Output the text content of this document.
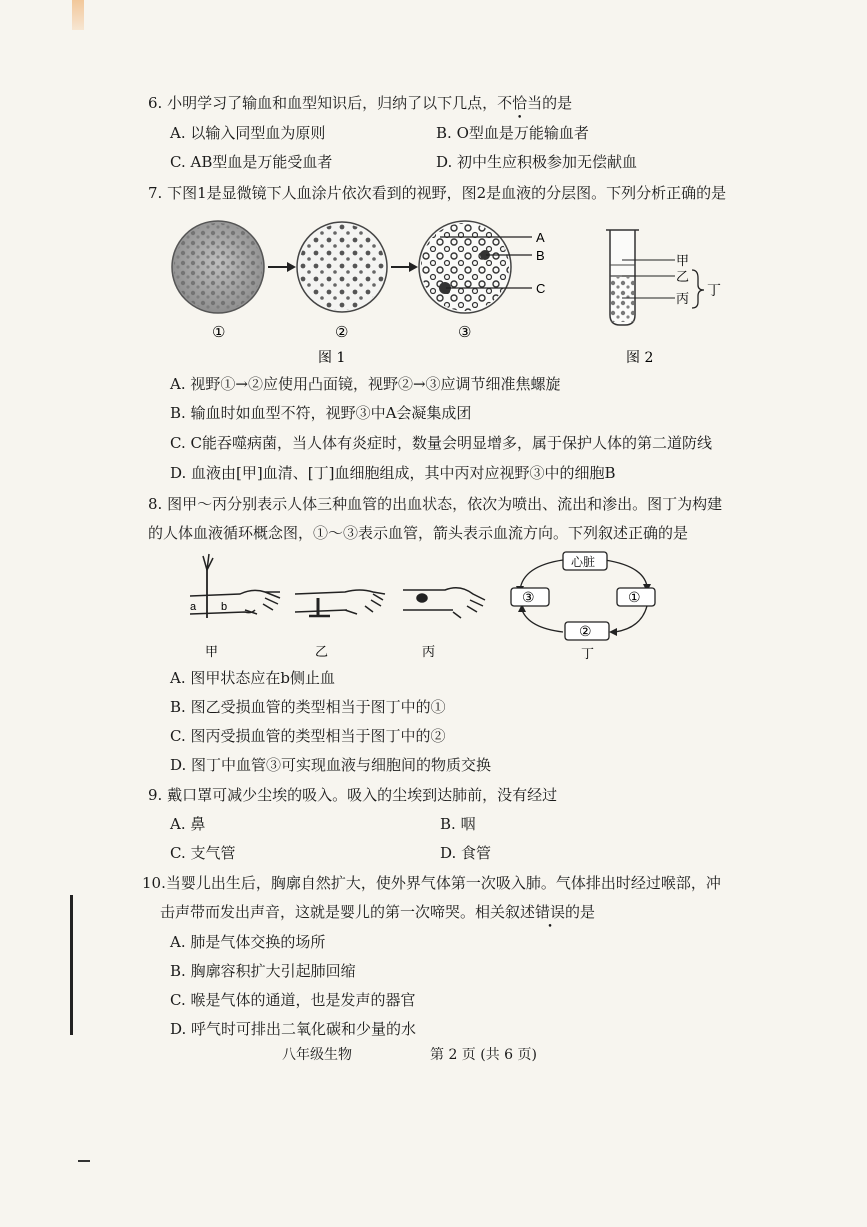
6. 小明学习了输血和血型知识后，归纳了以下几点，不恰当的是
A. 以输入同型血为原则	B. O型血是万能输血者
C. AB型血是万能受血者	D. 初中生应积极参加无偿献血
7. 下图1是显微镜下人血涂片依次看到的视野，图2是血液的分层图。下列分析正确的是
A
B
C
①	②	③
图 1
甲
乙
丙
丁
图 2
A. 视野①→②应使用凸面镜，视野②→③应调节细准焦螺旋
B. 输血时如血型不符，视野③中A会凝集成团
C. C能吞噬病菌，当人体有炎症时，数量会明显增多，属于保护人体的第二道防线
D. 血液由[甲]血清、[丁]血细胞组成，其中丙对应视野③中的细胞B
8. 图甲～丙分别表示人体三种血管的出血状态，依次为喷出、流出和渗出。图丁为构建
的人体血液循环概念图，①～③表示血管，箭头表示血流方向。下列叙述正确的是
a b
甲	乙	丙
心脏
③	①
②
丁
A. 图甲状态应在b侧止血
B. 图乙受损血管的类型相当于图丁中的①
C. 图丙受损血管的类型相当于图丁中的②
D. 图丁中血管③可实现血液与细胞间的物质交换
9. 戴口罩可减少尘埃的吸入。吸入的尘埃到达肺前，没有经过
A. 鼻	B. 咽
C. 支气管	D. 食管
10.当婴儿出生后，胸廓自然扩大，使外界气体第一次吸入肺。气体排出时经过喉部，冲
击声带而发出声音，这就是婴儿的第一次啼哭。相关叙述错误的是
A. 肺是气体交换的场所
B. 胸廓容积扩大引起肺回缩
C. 喉是气体的通道，也是发声的器官
D. 呼气时可排出二氧化碳和少量的水
八年级生物	第 2 页 (共 6 页)
